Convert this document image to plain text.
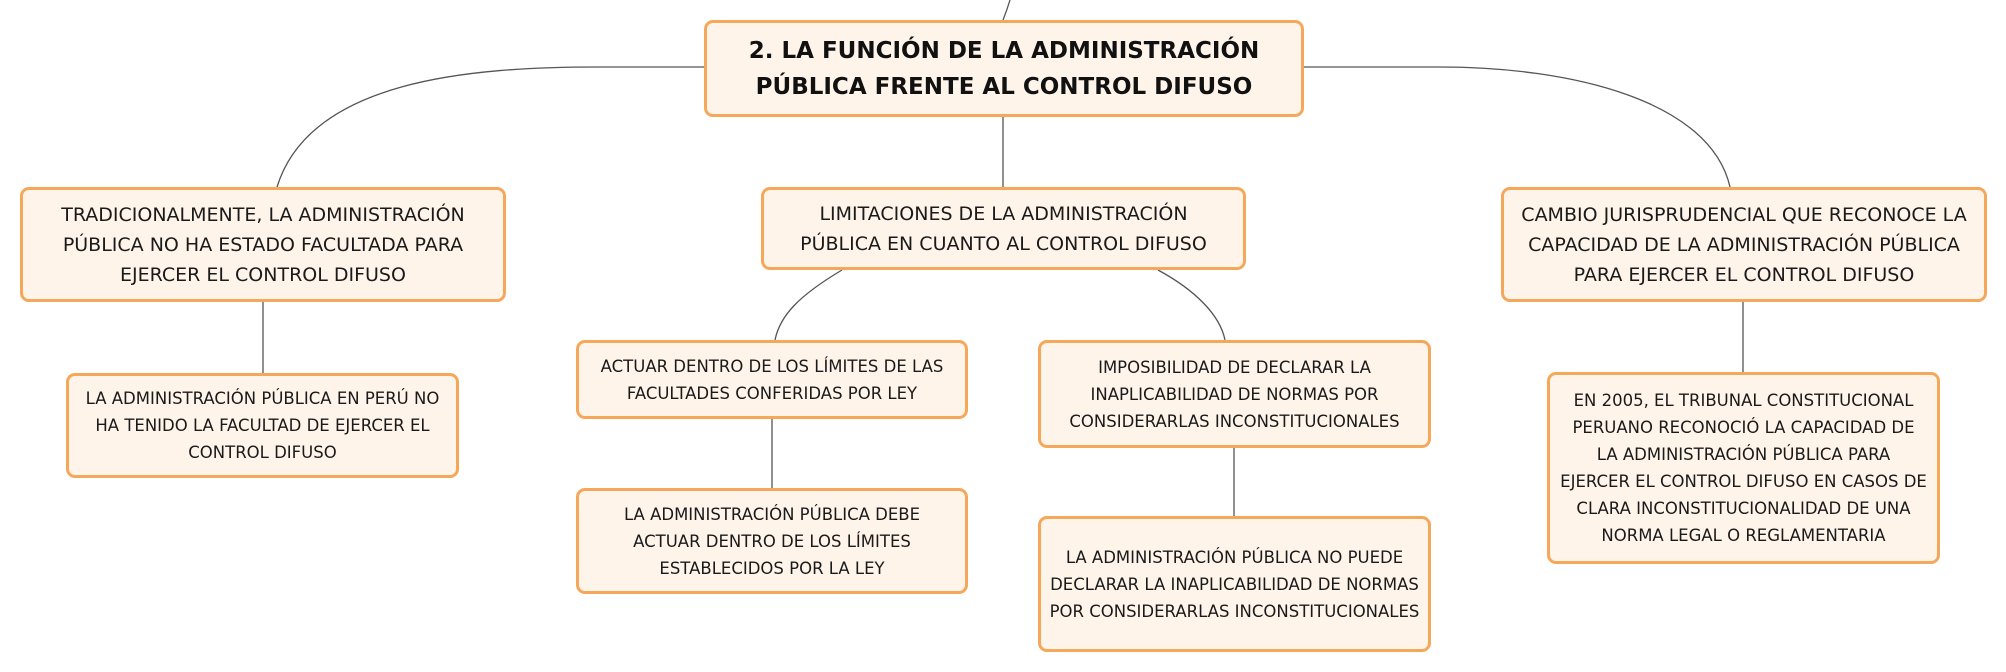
2. LA FUNCIÓN DE LA ADMINISTRACIÓN PÚBLICA FRENTE AL CONTROL DIFUSO
TRADICIONALMENTE, LA ADMINISTRACIÓN PÚBLICA NO HA ESTADO FACULTADA PARA EJERCER EL CONTROL DIFUSO
LIMITACIONES DE LA ADMINISTRACIÓN PÚBLICA EN CUANTO AL CONTROL DIFUSO
CAMBIO JURISPRUDENCIAL QUE RECONOCE LA CAPACIDAD DE LA ADMINISTRACIÓN PÚBLICA PARA EJERCER EL CONTROL DIFUSO
LA ADMINISTRACIÓN PÚBLICA EN PERÚ NO HA TENIDO LA FACULTAD DE EJERCER EL CONTROL DIFUSO
ACTUAR DENTRO DE LOS LÍMITES DE LAS FACULTADES CONFERIDAS POR LEY
LA ADMINISTRACIÓN PÚBLICA DEBE ACTUAR DENTRO DE LOS LÍMITES ESTABLECIDOS POR LA LEY
IMPOSIBILIDAD DE DECLARAR LA INAPLICABILIDAD DE NORMAS POR CONSIDERARLAS INCONSTITUCIONALES
LA ADMINISTRACIÓN PÚBLICA NO PUEDE DECLARAR LA INAPLICABILIDAD DE NORMAS POR CONSIDERARLAS INCONSTITUCIONALES
EN 2005, EL TRIBUNAL CONSTITUCIONAL PERUANO RECONOCIÓ LA CAPACIDAD DE LA ADMINISTRACIÓN PÚBLICA PARA EJERCER EL CONTROL DIFUSO EN CASOS DE CLARA INCONSTITUCIONALIDAD DE UNA NORMA LEGAL O REGLAMENTARIA
